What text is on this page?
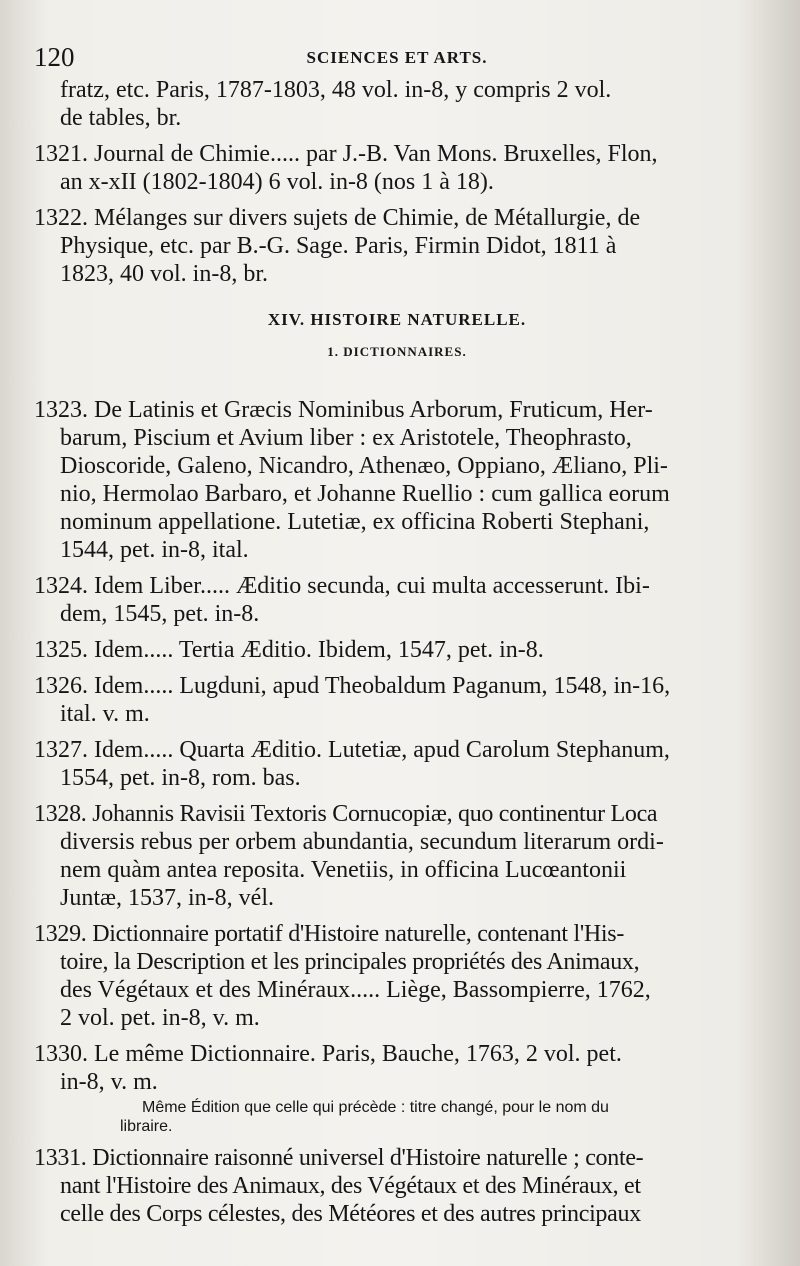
120	SCIENCES ET ARTS.
fratz, etc. Paris, 1787-1803, 48 vol. in-8, y compris 2 vol.
de tables, br.
1321. Journal de Chimie..... par J.-B. Van Mons. Bruxelles, Flon,
an x-xII (1802-1804) 6 vol. in-8 (nos 1 à 18).
1322. Mélanges sur divers sujets de Chimie, de Métallurgie, de
Physique, etc. par B.-G. Sage. Paris, Firmin Didot, 1811 à
1823, 40 vol. in-8, br.
XIV. HISTOIRE NATURELLE.
1. DICTIONNAIRES.
1323. De Latinis et Græcis Nominibus Arborum, Fruticum, Her-
barum, Piscium et Avium liber : ex Aristotele, Theophrasto,
Dioscoride, Galeno, Nicandro, Athenæo, Oppiano, Æliano, Pli-
nio, Hermolao Barbaro, et Johanne Ruellio : cum gallica eorum
nominum appellatione. Lutetiæ, ex officina Roberti Stephani,
1544, pet. in-8, ital.
1324. Idem Liber..... Æditio secunda, cui multa accesserunt. Ibi-
dem, 1545, pet. in-8.
1325. Idem..... Tertia Æditio. Ibidem, 1547, pet. in-8.
1326. Idem..... Lugduni, apud Theobaldum Paganum, 1548, in-16,
ital. v. m.
1327. Idem..... Quarta Æditio. Lutetiæ, apud Carolum Stephanum,
1554, pet. in-8, rom. bas.
1328. Johannis Ravisii Textoris Cornucopiæ, quo continentur Loca
diversis rebus per orbem abundantia, secundum literarum ordi-
nem quàm antea reposita. Venetiis, in officina Lucœantonii
Juntæ, 1537, in-8, vél.
1329. Dictionnaire portatif d'Histoire naturelle, contenant l'His-
toire, la Description et les principales propriétés des Animaux,
des Végétaux et des Minéraux..... Liège, Bassompierre, 1762,
2 vol. pet. in-8, v. m.
1330. Le même Dictionnaire. Paris, Bauche, 1763, 2 vol. pet.
in-8, v. m.
Même Édition que celle qui précède : titre changé, pour le nom du
libraire.
1331. Dictionnaire raisonné universel d'Histoire naturelle ; conte-
nant l'Histoire des Animaux, des Végétaux et des Minéraux, et
celle des Corps célestes, des Météores et des autres principaux
